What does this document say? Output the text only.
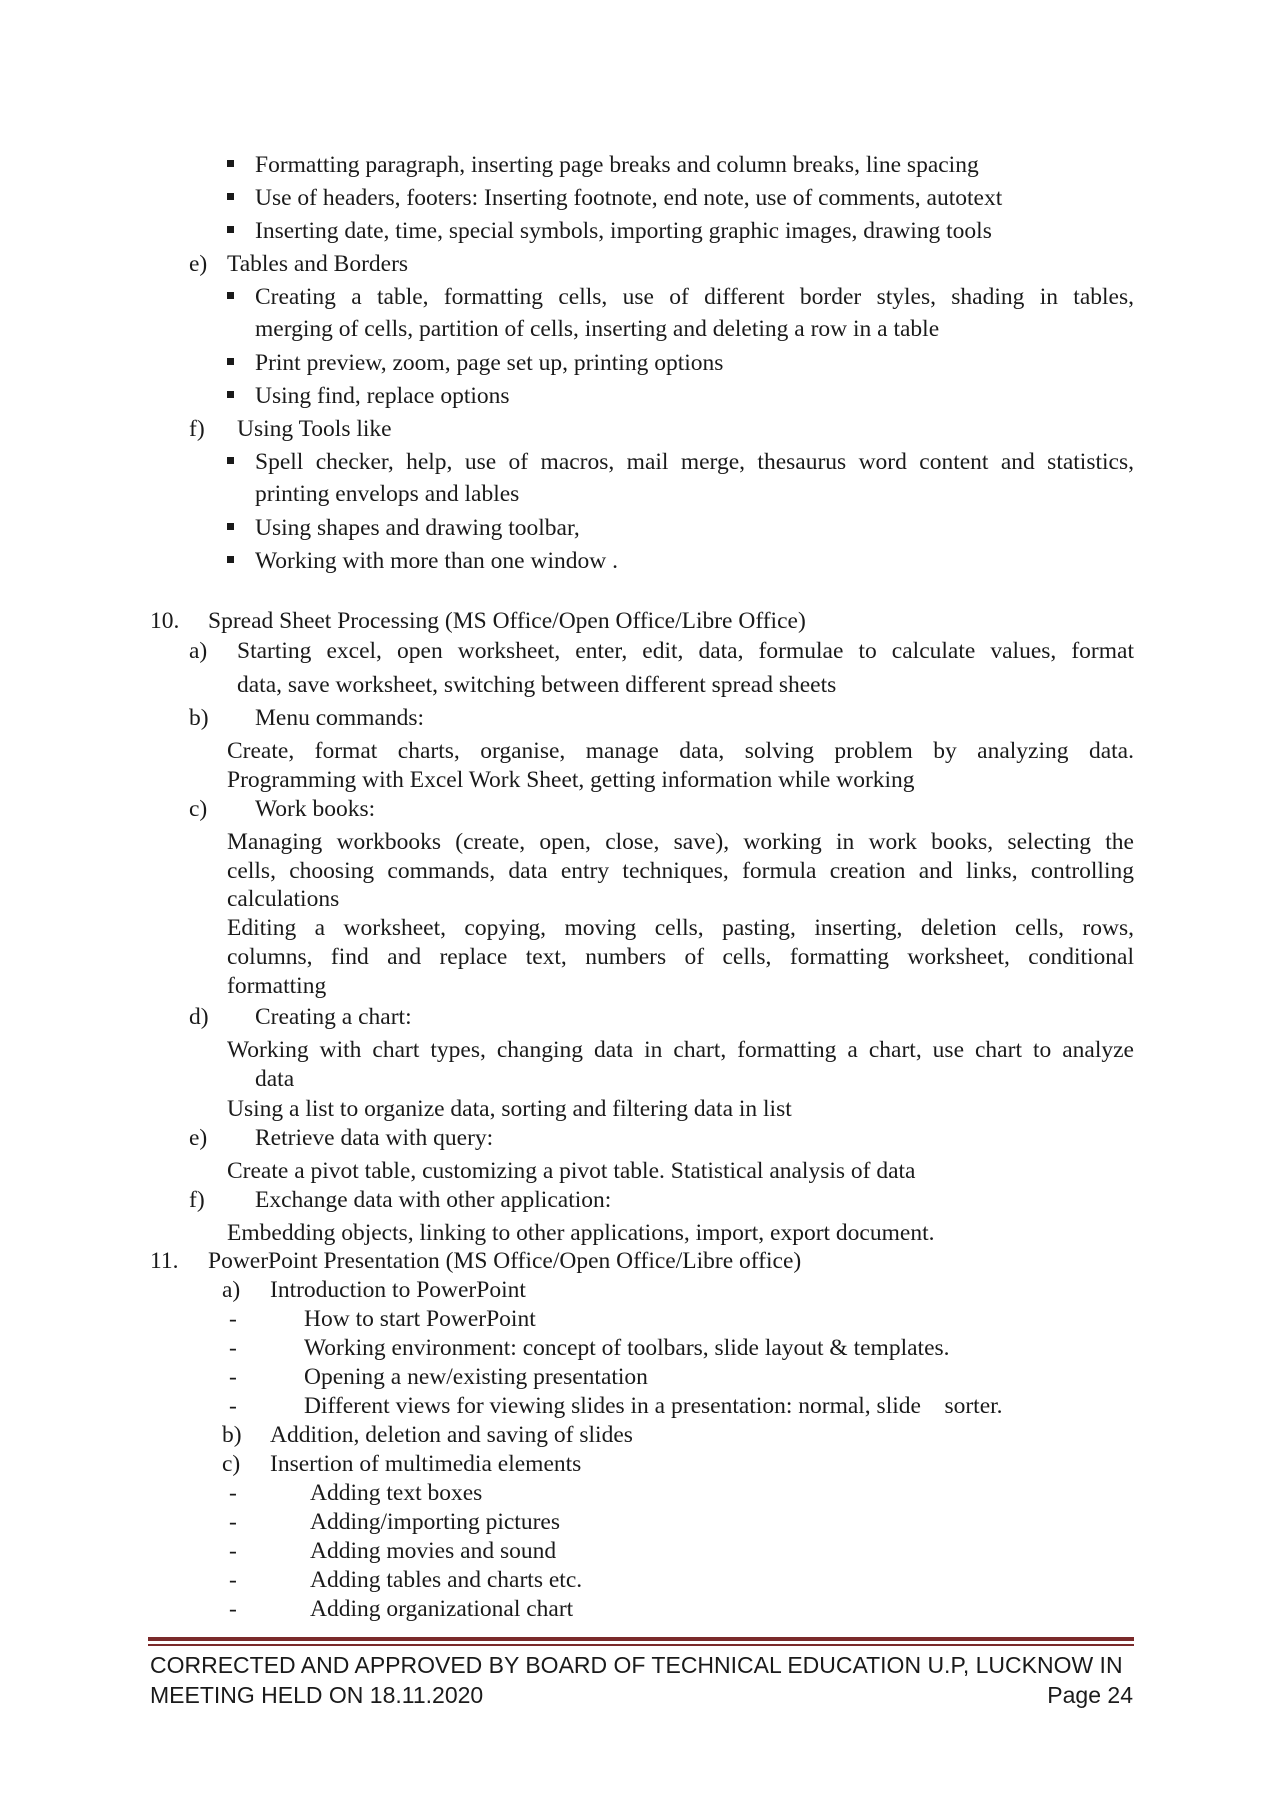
Formatting paragraph, inserting page breaks and column breaks, line spacing

Use of headers, footers: Inserting footnote, end note, use of comments, autotext

Inserting date, time, special symbols, importing graphic images, drawing tools

e) Tables and Borders

Creating a table, formatting cells, use of different border styles, shading in tables,

merging of cells, partition of cells, inserting and deleting a row in a table

Print preview, zoom, page set up, printing options

Using find, replace options

f) Using Tools like

Spell checker, help, use of macros, mail merge, thesaurus word content and statistics,

printing envelops and lables

Using shapes and drawing toolbar,

Working with more than one window .

10. Spread Sheet Processing (MS Office/Open Office/Libre Office)

a) Starting excel, open worksheet, enter, edit, data, formulae to calculate values, format

data, save worksheet, switching between different spread sheets

b) Menu commands:

Create, format charts, organise, manage data, solving problem by analyzing data.

Programming with Excel Work Sheet, getting information while working

c) Work books:

Managing workbooks (create, open, close, save), working in work books, selecting the

cells, choosing commands, data entry techniques, formula creation and links, controlling

calculations

Editing a worksheet, copying, moving cells, pasting, inserting, deletion cells, rows,

columns, find and replace text, numbers of cells, formatting worksheet, conditional

formatting

d) Creating a chart:

Working with chart types, changing data in chart, formatting a chart, use chart to analyze

data

Using a list to organize data, sorting and filtering data in list

e) Retrieve data with query:

Create a pivot table, customizing a pivot table. Statistical analysis of data

f) Exchange data with other application:

Embedding objects, linking to other applications, import, export document.

11. PowerPoint Presentation (MS Office/Open Office/Libre office)

a) Introduction to PowerPoint

-	How to start PowerPoint

-	Working environment: concept of toolbars, slide layout & templates.

-	Opening a new/existing presentation

-	Different views for viewing slides in a presentation: normal, slide    sorter.

b) Addition, deletion and saving of slides

c) Insertion of multimedia elements

-	Adding text boxes

-	Adding/importing pictures

-	Adding movies and sound

-	Adding tables and charts etc.

-	Adding organizational chart

CORRECTED AND APPROVED BY BOARD OF TECHNICAL EDUCATION U.P, LUCKNOW IN

MEETING HELD ON 18.11.2020	Page 24
